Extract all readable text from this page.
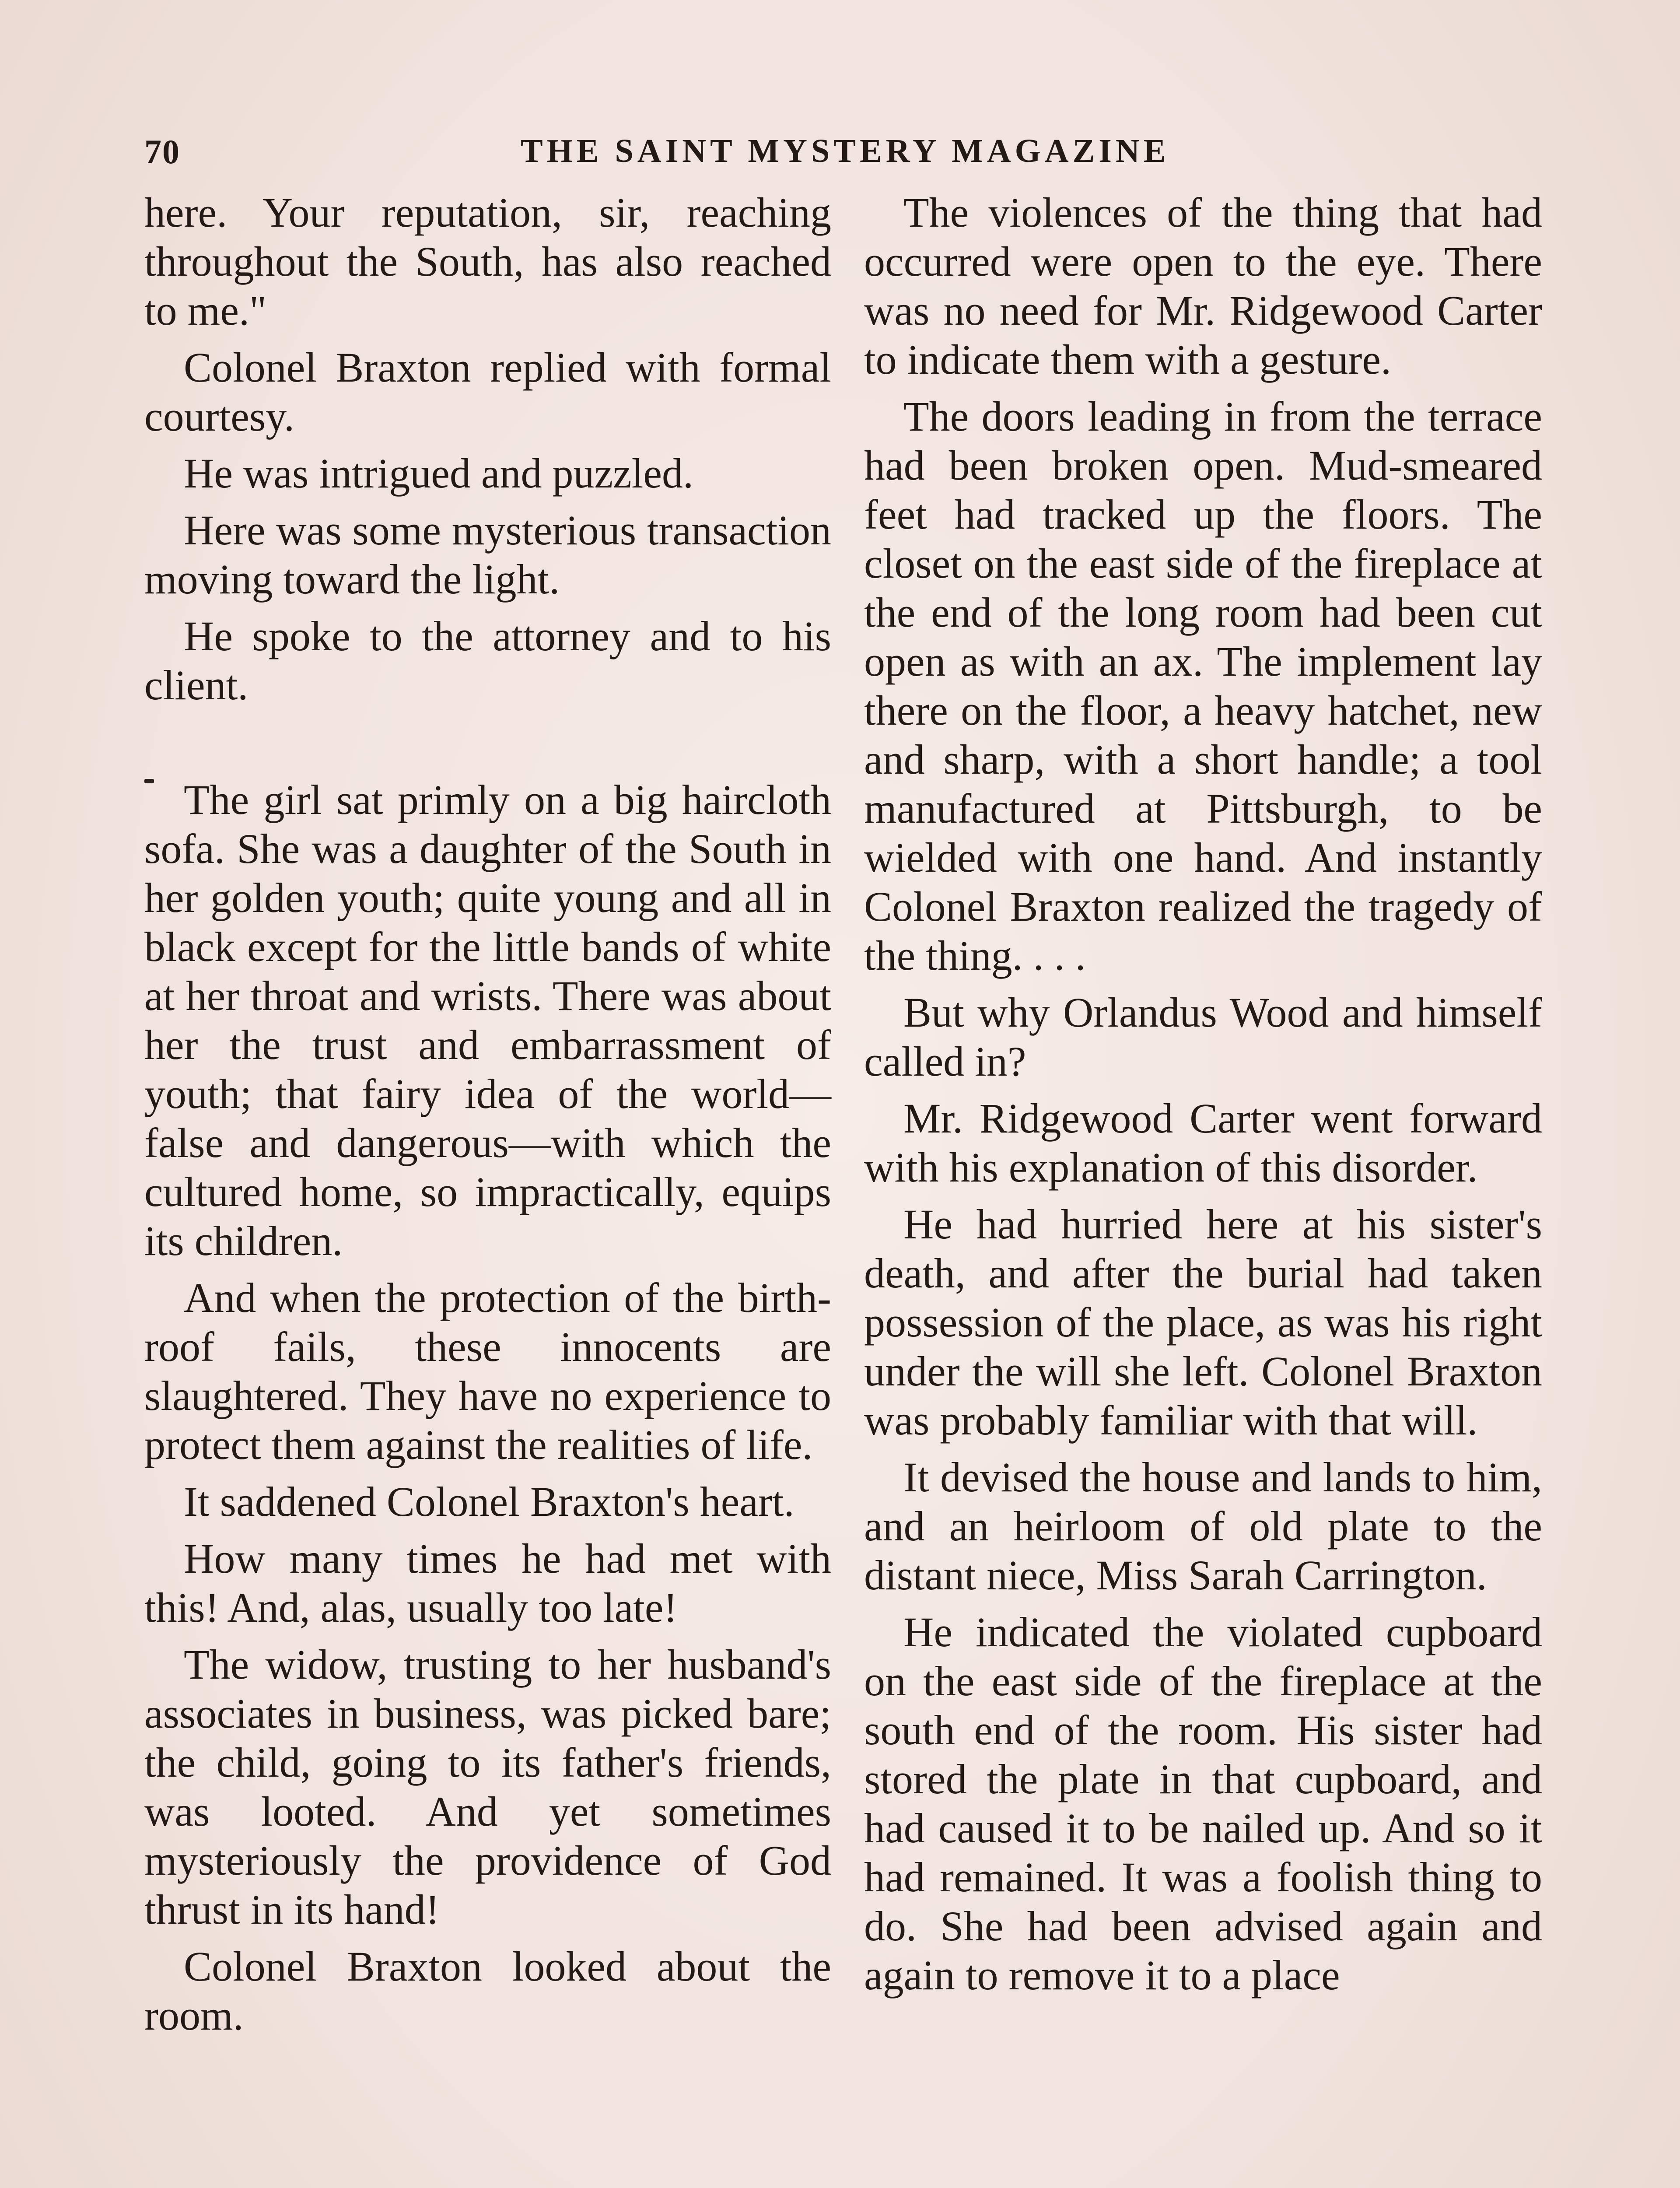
70	THE SAINT MYSTERY MAGAZINE

here. Your reputation, sir, reaching throughout the South, has also reached to me."

Colonel Braxton replied with formal courtesy.

He was intrigued and puzzled.

Here was some mysterious transaction moving toward the light.

He spoke to the attorney and to his client.

The girl sat primly on a big haircloth sofa. She was a daughter of the South in her golden youth; quite young and all in black except for the little bands of white at her throat and wrists. There was about her the trust and embarrassment of youth; that fairy idea of the world—false and dangerous—with which the cultured home, so impractically, equips its children.

And when the protection of the birth-roof fails, these innocents are slaughtered. They have no experience to protect them against the realities of life.

It saddened Colonel Braxton's heart.

How many times he had met with this! And, alas, usually too late!

The widow, trusting to her husband's associates in business, was picked bare; the child, going to its father's friends, was looted. And yet sometimes mysteriously the providence of God thrust in its hand!

Colonel Braxton looked about the room.

The violences of the thing that had occurred were open to the eye. There was no need for Mr. Ridgewood Carter to indicate them with a gesture.

The doors leading in from the terrace had been broken open. Mud-smeared feet had tracked up the floors. The closet on the east side of the fireplace at the end of the long room had been cut open as with an ax. The implement lay there on the floor, a heavy hatchet, new and sharp, with a short handle; a tool manufactured at Pittsburgh, to be wielded with one hand. And instantly Colonel Braxton realized the tragedy of the thing. . . .

But why Orlandus Wood and himself called in?

Mr. Ridgewood Carter went forward with his explanation of this disorder.

He had hurried here at his sister's death, and after the burial had taken possession of the place, as was his right under the will she left. Colonel Braxton was probably familiar with that will.

It devised the house and lands to him, and an heirloom of old plate to the distant niece, Miss Sarah Carrington.

He indicated the violated cupboard on the east side of the fireplace at the south end of the room. His sister had stored the plate in that cupboard, and had caused it to be nailed up. And so it had remained. It was a foolish thing to do. She had been advised again and again to remove it to a place
